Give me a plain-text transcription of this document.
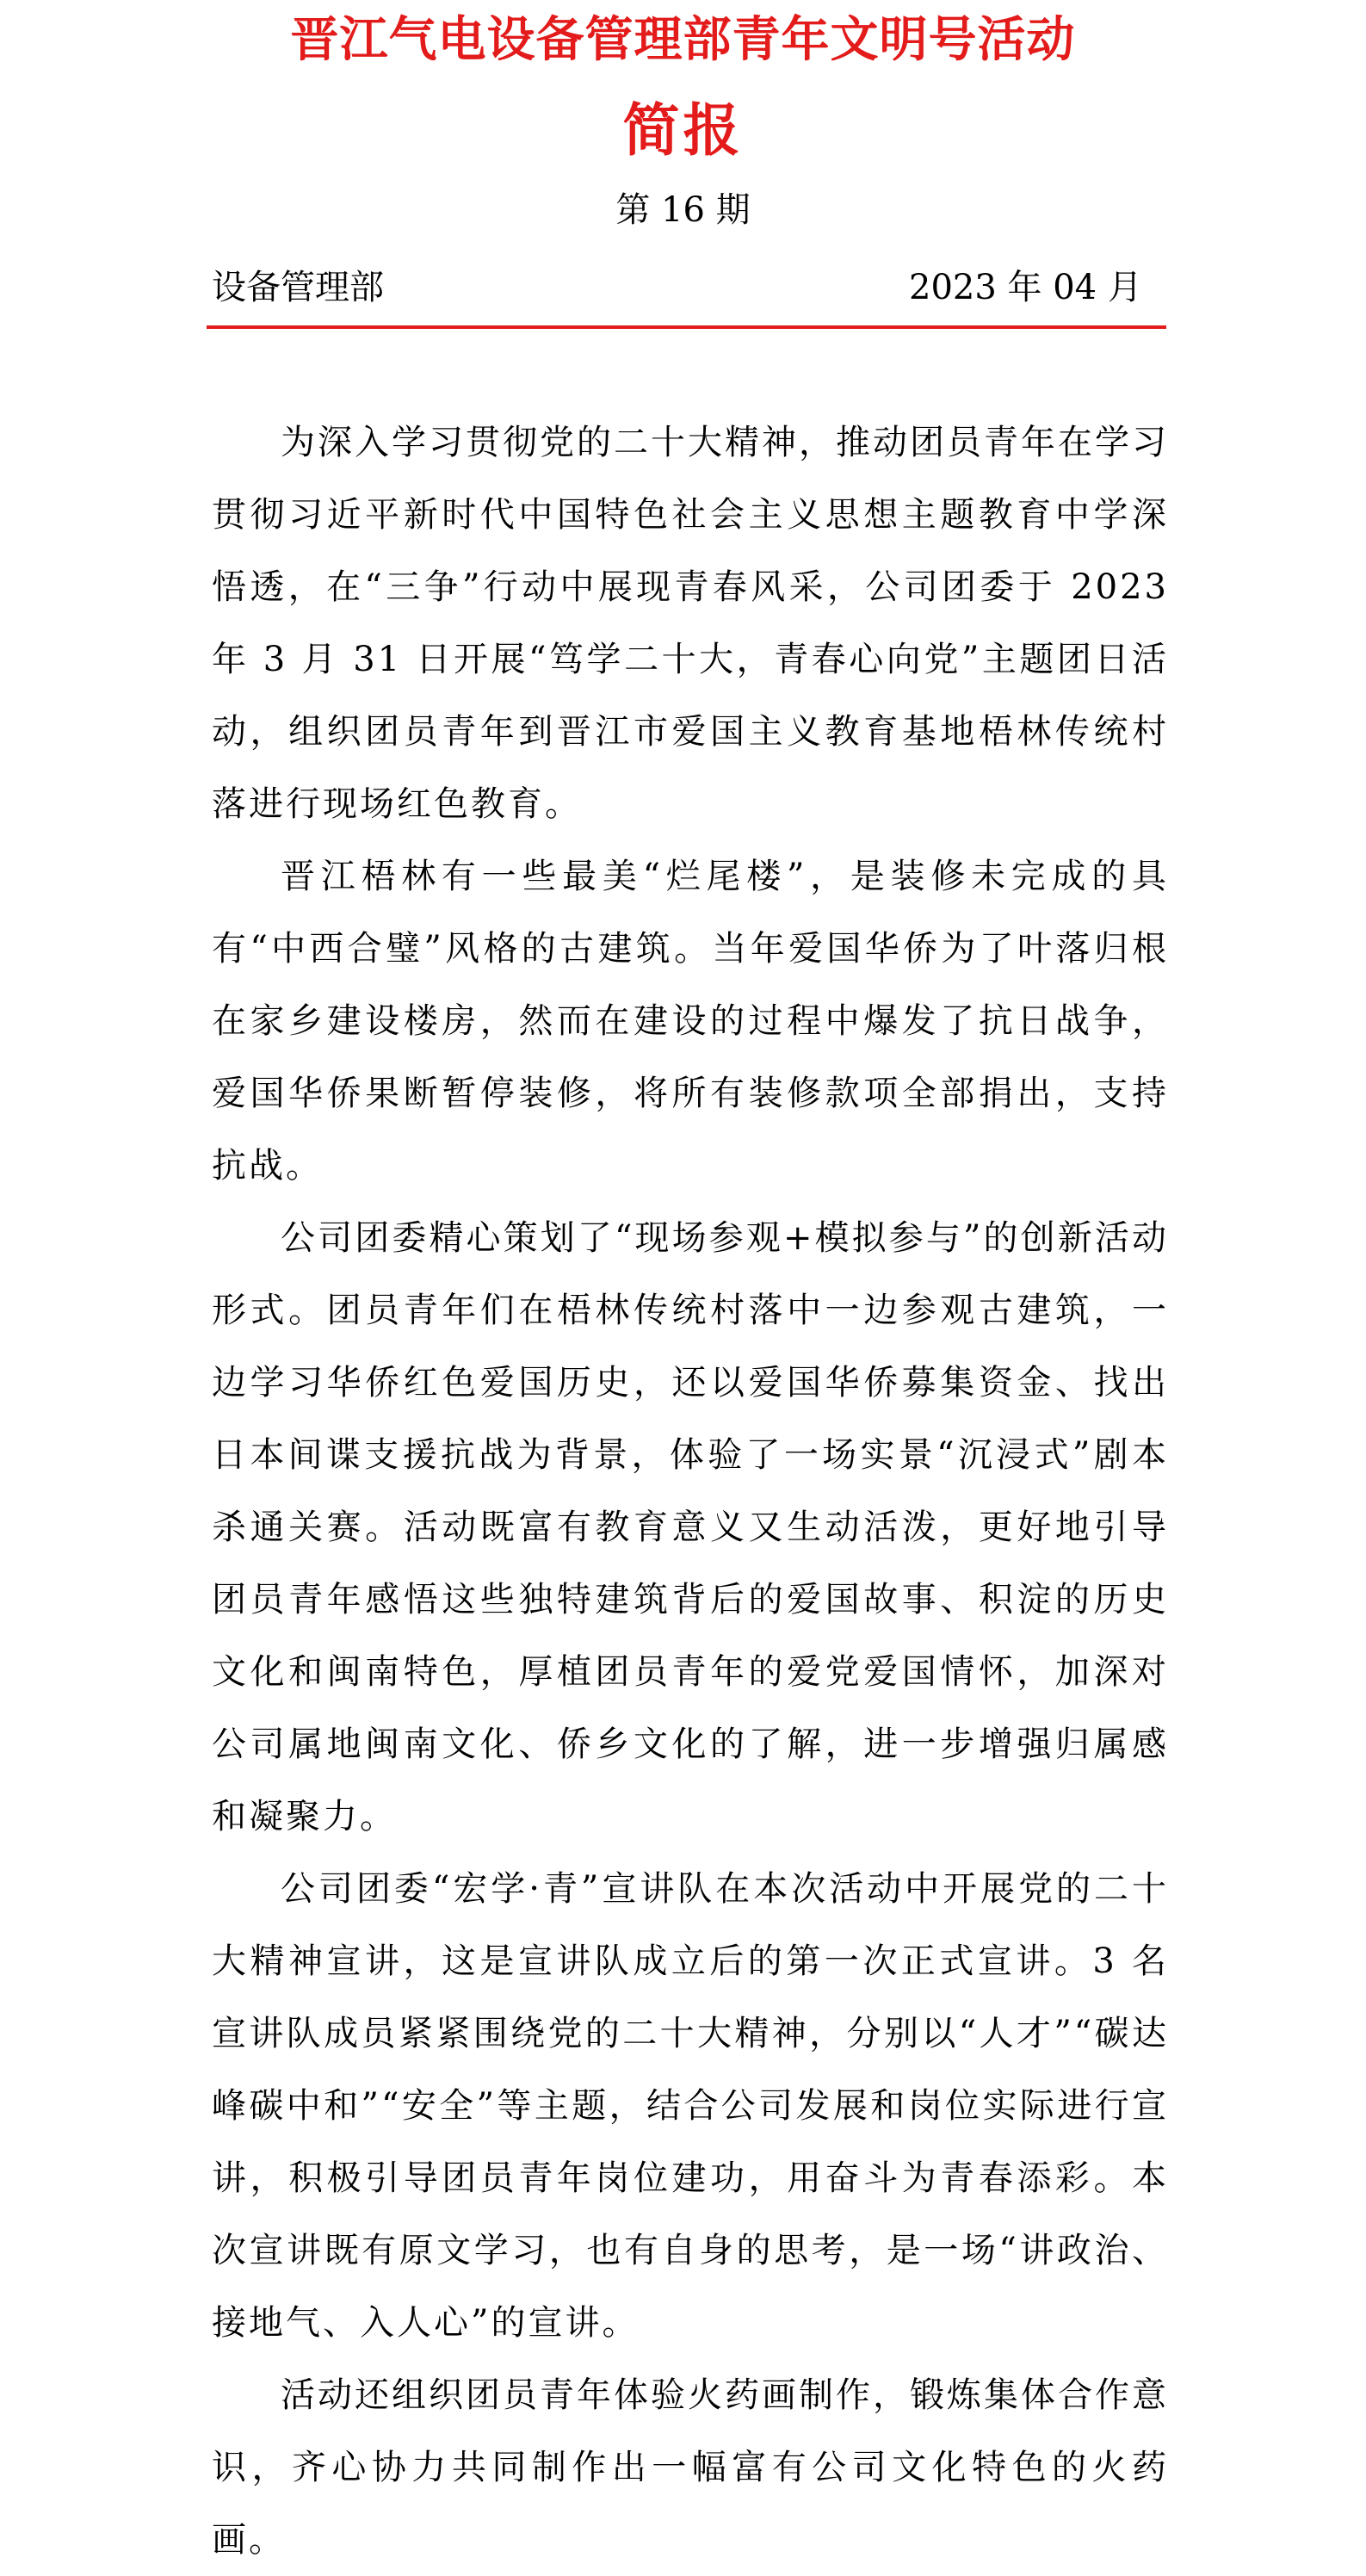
晋江气电设备管理部青年文明号活动
简报
第 16 期
设备管理部	2023 年 04 月

为深入学习贯彻党的二十大精神，推动团员青年在学习贯彻习近平新时代中国特色社会主义思想主题教育中学深悟透，在“三争”行动中展现青春风采，公司团委于 2023 年 3 月 31 日开展“笃学二十大，青春心向党”主题团日活动，组织团员青年到晋江市爱国主义教育基地梧林传统村落进行现场红色教育。

晋江梧林有一些最美“烂尾楼”，是装修未完成的具有“中西合璧”风格的古建筑。当年爱国华侨为了叶落归根在家乡建设楼房，然而在建设的过程中爆发了抗日战争，爱国华侨果断暂停装修，将所有装修款项全部捐出，支持抗战。

公司团委精心策划了“现场参观+模拟参与”的创新活动形式。团员青年们在梧林传统村落中一边参观古建筑，一边学习华侨红色爱国历史，还以爱国华侨募集资金、找出日本间谍支援抗战为背景，体验了一场实景“沉浸式”剧本杀通关赛。活动既富有教育意义又生动活泼，更好地引导团员青年感悟这些独特建筑背后的爱国故事、积淀的历史文化和闽南特色，厚植团员青年的爱党爱国情怀，加深对公司属地闽南文化、侨乡文化的了解，进一步增强归属感和凝聚力。

公司团委“宏学·青”宣讲队在本次活动中开展党的二十大精神宣讲，这是宣讲队成立后的第一次正式宣讲。3 名宣讲队成员紧紧围绕党的二十大精神，分别以“人才”“碳达峰碳中和”“安全”等主题，结合公司发展和岗位实际进行宣讲，积极引导团员青年岗位建功，用奋斗为青春添彩。本次宣讲既有原文学习，也有自身的思考，是一场“讲政治、接地气、入人心”的宣讲。

活动还组织团员青年体验火药画制作，锻炼集体合作意识，齐心协力共同制作出一幅富有公司文化特色的火药画。
